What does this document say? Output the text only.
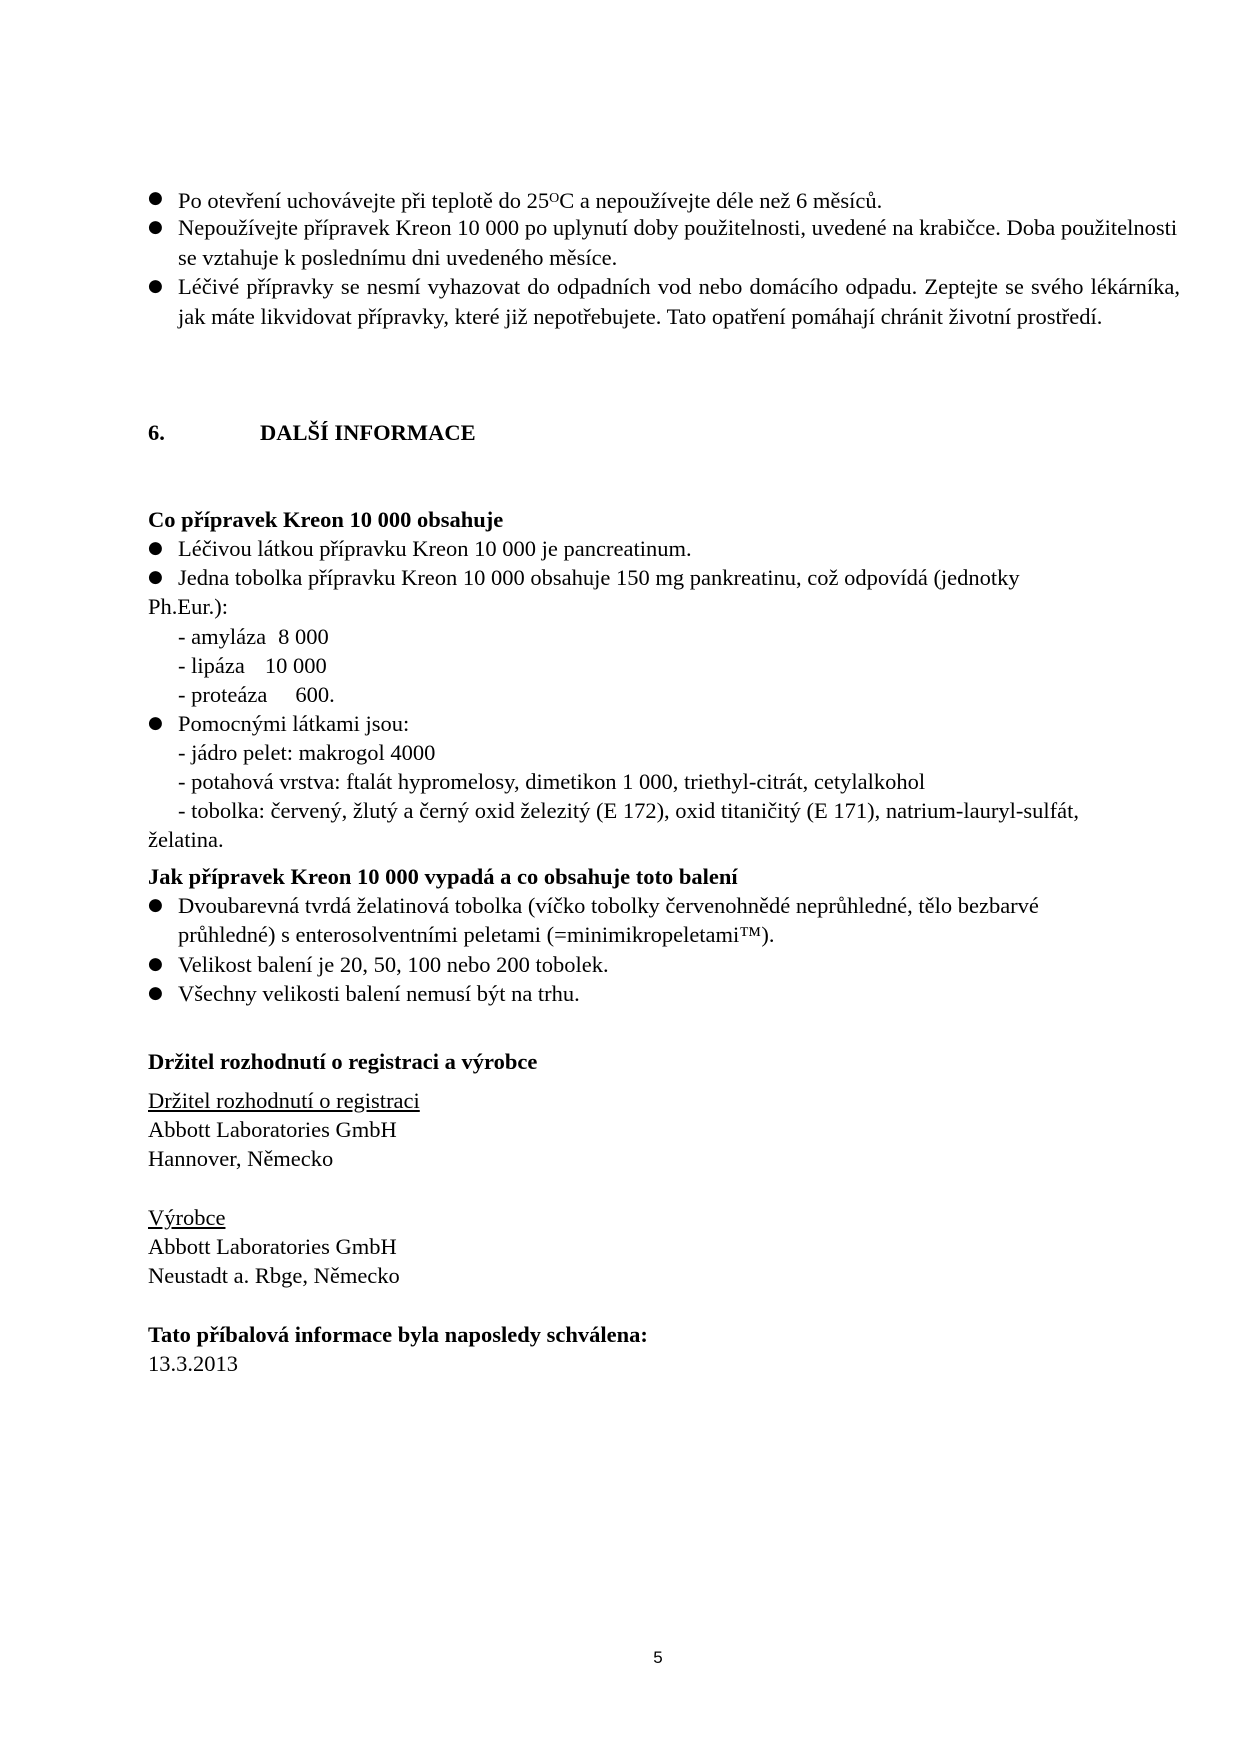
● Po otevření uchovávejte při teplotě do $25^OC$ a nepoužívejte déle než 6 měsíců.
● Nepoužívejte přípravek Kreon 10 000 po uplynutí doby použitelnosti, uvedené na krabičce. Doba použitelnosti se vztahuje k poslednímu dni uvedeného měsíce.
● Léčivé přípravky se nesmí vyhazovat do odpadních vod nebo domácího odpadu. Zeptejte se svého lékárníka, jak máte likvidovat přípravky, které již nepotřebujete. Tato opatření pomáhají chránit životní prostředí.
6.	DALŠÍ INFORMACE
Co přípravek Kreon 10 000 obsahuje
● Léčivou látkou přípravku Kreon 10 000 je pancreatinum.
● Jedna tobolka přípravku Kreon 10 000 obsahuje 150 mg pankreatinu, což odpovídá (jednotky
Ph.Eur.):
- amyláza 8 000
- lipáza 10 000
- proteáza 600.
● Pomocnými látkami jsou:
- jádro pelet: makrogol 4000
- potahová vrstva: ftalát hypromelosy, dimetikon 1 000, triethyl-citrát, cetylalkohol
- tobolka: červený, žlutý a černý oxid železitý (E 172), oxid titaničitý (E 171), natrium-lauryl-sulfát,
želatina.
Jak přípravek Kreon 10 000 vypadá a co obsahuje toto balení
● Dvoubarevná tvrdá želatinová tobolka (víčko tobolky červenohnědé neprůhledné, tělo bezbarvé
průhledné) s enterosolventními peletami (=minimikropeletami™).
● Velikost balení je 20, 50, 100 nebo 200 tobolek.
● Všechny velikosti balení nemusí být na trhu.
Držitel rozhodnutí o registraci a výrobce
Držitel rozhodnutí o registraci
Abbott Laboratories GmbH
Hannover, Německo
Výrobce
Abbott Laboratories GmbH
Neustadt a. Rbge, Německo
Tato příbalová informace byla naposledy schválena:
13.3.2013
5
